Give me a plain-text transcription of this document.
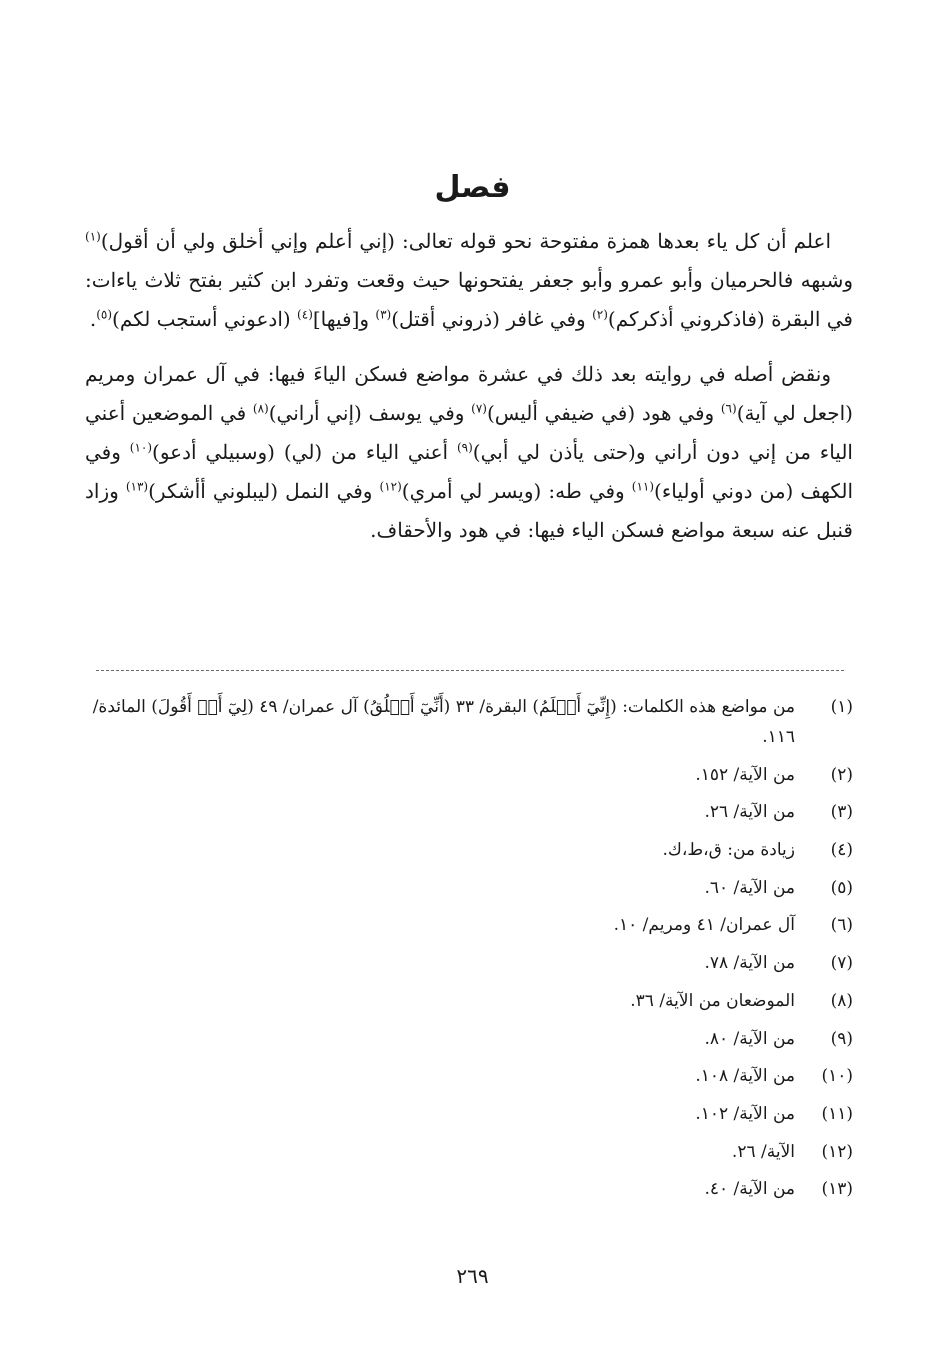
فصل

اعلم أن كل ياء بعدها همزة مفتوحة نحو قوله تعالى: (إني أعلم وإني أخلق ولي أن أقول)$^{(١)}$ وشبهه فالحرميان وأبو عمرو وأبو جعفر يفتحونها حيث وقعت وتفرد ابن كثير بفتح ثلاث ياءات: في البقرة (فاذكروني أذكركم)$^{(٢)}$ وفي غافر (ذروني أقتل)$^{(٣)}$ و[فيها]$^{(٤)}$ (ادعوني أستجب لكم)$^{(٥)}$.

ونقض أصله في روايته بعد ذلك في عشرة مواضع فسكن الياءَ فيها: في آل عمران ومريم (اجعل لي آية)$^{(٦)}$ وفي هود (في ضيفي أليس)$^{(٧)}$ وفي يوسف (إني أراني)$^{(٨)}$ في الموضعين أعني الياء من إني دون أراني و(حتى يأذن لي أبي)$^{(٩)}$ أعني الياء من (لي) (وسبيلي أدعو)$^{(١٠)}$ وفي الكهف (من دوني أولياء)$^{(١١)}$ وفي طه: (ويسر لي أمري)$^{(١٢)}$ وفي النمل (ليبلوني أأشكر)$^{(١٣)}$ وزاد قنبل عنه سبعة مواضع فسكن الياء فيها: في هود والأحقاف.

(١)
من مواضع هذه الكلمات: (إِنِّيٓ أَعۡلَمُ) البقرة/ ٣٣ (أَنِّيٓ أَخۡلُقُ) آل عمران/ ٤٩ (لِيٓ أَنۡ أَقُولَ) المائدة/ ١١٦.
(٢)
من الآية/ ١٥٢.
(٣)
من الآية/ ٢٦.
(٤)
زيادة من: ق،ط،ك.
(٥)
من الآية/ ٦٠.
(٦)
آل عمران/ ٤١ ومريم/ ١٠.
(٧)
من الآية/ ٧٨.
(٨)
الموضعان من الآية/ ٣٦.
(٩)
من الآية/ ٨٠.
(١٠)
من الآية/ ١٠٨.
(١١)
من الآية/ ١٠٢.
(١٢)
الآية/ ٢٦.
(١٣)
من الآية/ ٤٠.
٢٦٩
